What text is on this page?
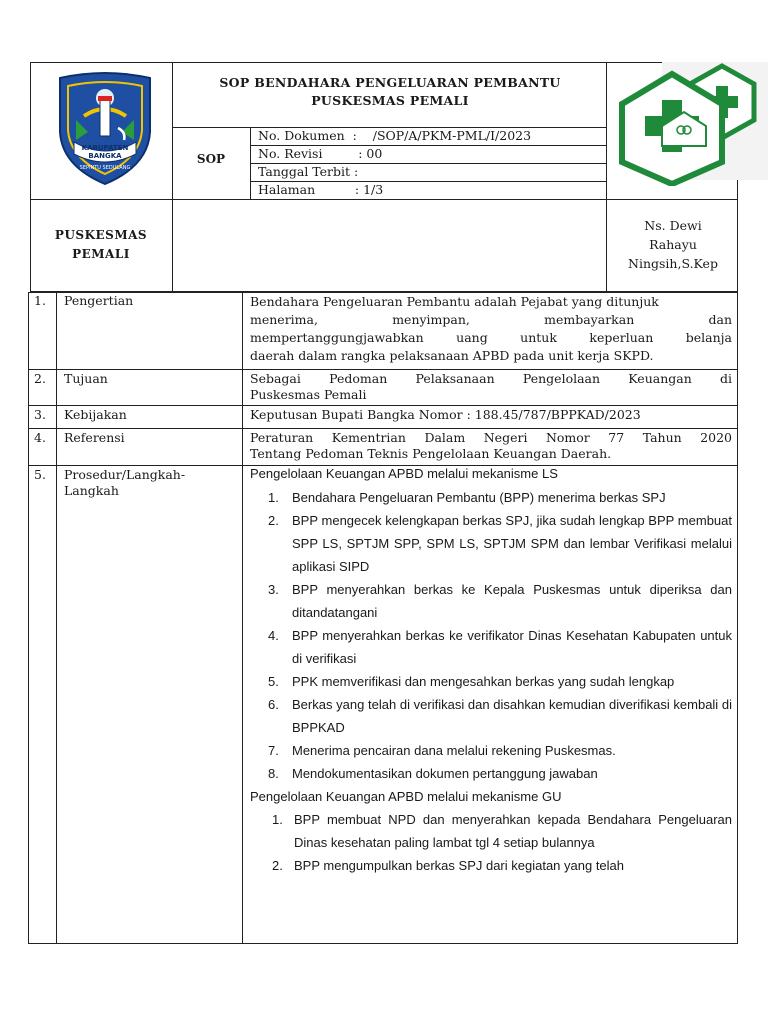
KABUPATEN
BANGKA
SEPINTU SEDULANG
SOP BENDAHARA PENGELUARAN PEMBANTU
PUSKESMAS PEMALI
SOP
No. Dokumen  : /SOP/A/PKM-PML/I/2023
No. Revisi	: 00
Tanggal Terbit :
Halaman	: 1/3
PUSKESMAS
PEMALI
Ns. Dewi
Rahayu
Ningsih,S.Kep
1. Pengertian	Bendahara Pengeluaran Pembantu adalah Pejabat yang ditunjuk
menerima, menyimpan, membayarkan dan
mempertanggungjawabkan uang untuk keperluan belanja
daerah dalam rangka pelaksanaan APBD pada unit kerja SKPD.
2. Tujuan	Sebagai Pedoman Pelaksanaan Pengelolaan Keuangan di
Puskesmas Pemali
3. Kebijakan	Keputusan Bupati Bangka Nomor : 188.45/787/BPPKAD/2023
4. Referensi	Peraturan Kementrian Dalam Negeri Nomor 77 Tahun 2020
Tentang Pedoman Teknis Pengelolaan Keuangan Daerah.
5. Prosedur/Langkah-
Langkah
Pengelolaan Keuangan APBD melalui mekanisme LS
1. Bendahara Pengeluaran Pembantu (BPP) menerima berkas SPJ
2. BPP mengecek kelengkapan berkas SPJ, jika sudah lengkap BPP membuat SPP LS, SPTJM SPP, SPM LS, SPTJM SPM dan lembar Verifikasi melalui aplikasi SIPD
3. BPP menyerahkan berkas ke Kepala Puskesmas untuk diperiksa dan ditandatangani
4. BPP menyerahkan berkas ke verifikator Dinas Kesehatan Kabupaten untuk di verifikasi
5. PPK memverifikasi dan mengesahkan berkas yang sudah lengkap
6. Berkas yang telah di verifikasi dan disahkan kemudian diverifikasi kembali di BPPKAD
7. Menerima pencairan dana melalui rekening Puskesmas.
8. Mendokumentasikan dokumen pertanggung jawaban
Pengelolaan Keuangan APBD melalui mekanisme GU
1. BPP membuat NPD dan menyerahkan kepada Bendahara Pengeluaran Dinas kesehatan paling lambat tgl 4 setiap bulannya
2. BPP mengumpulkan berkas SPJ dari kegiatan yang telah
